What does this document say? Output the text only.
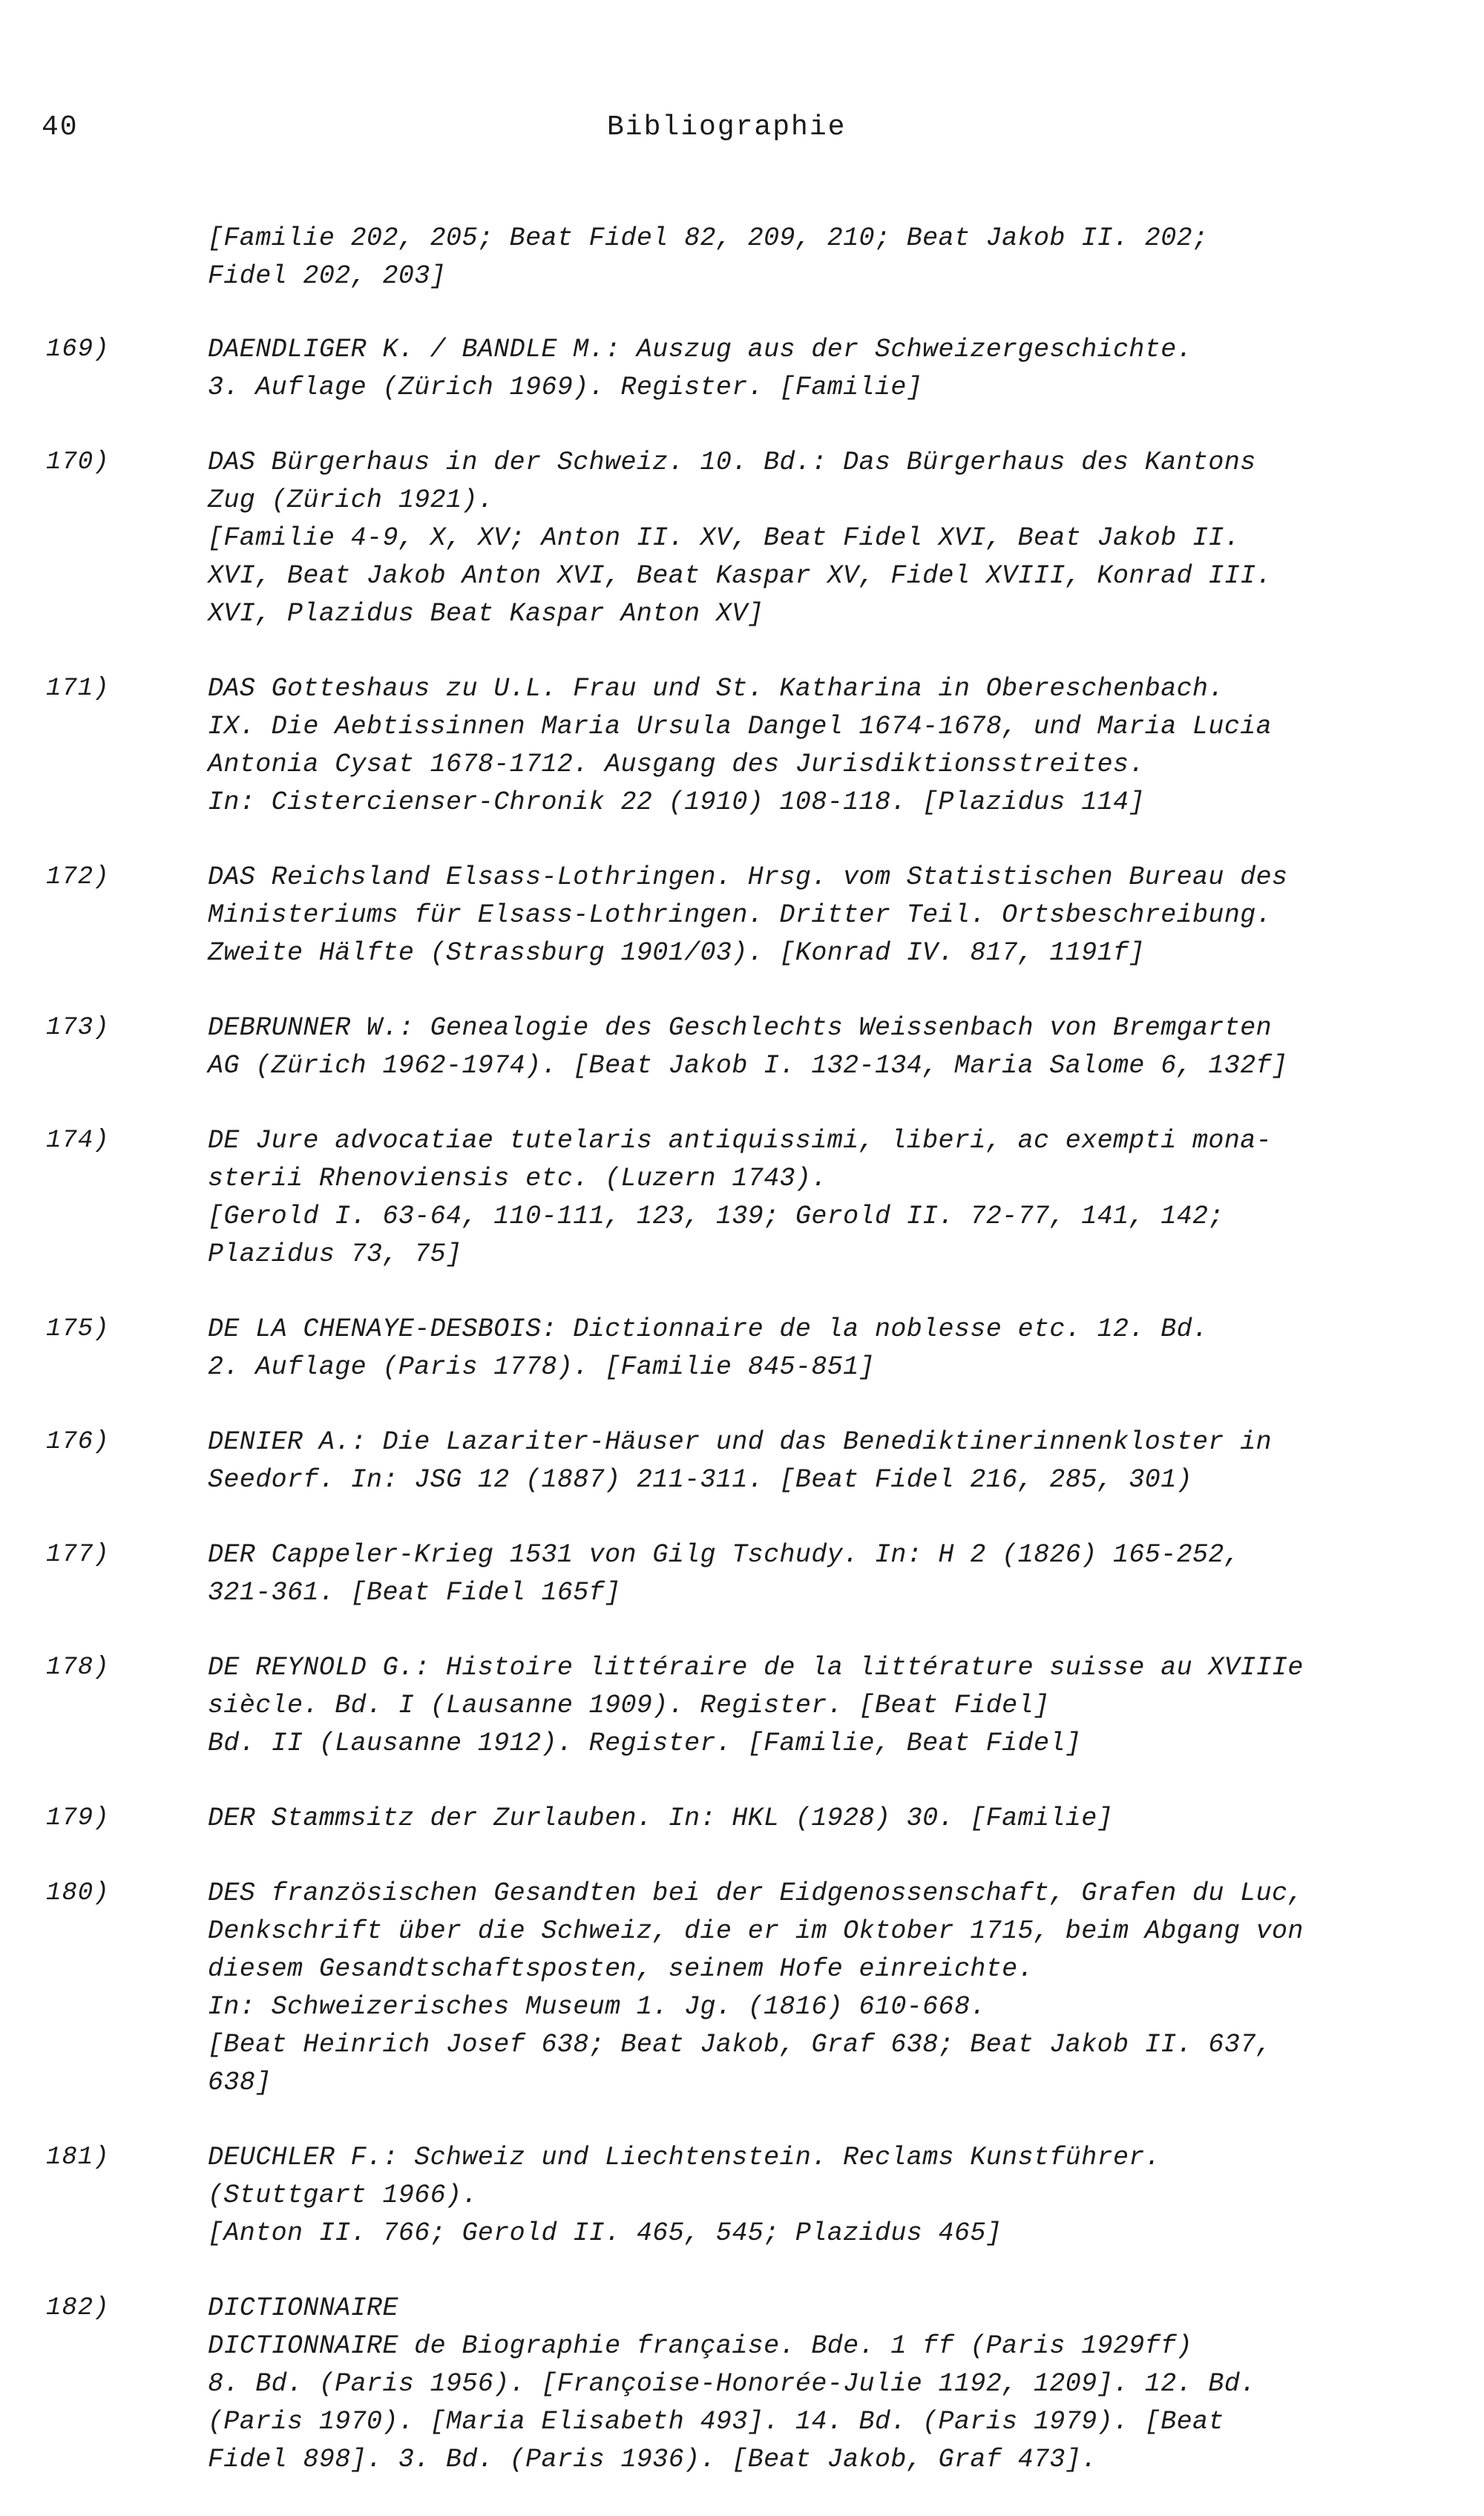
40	Bibliographie
[Familie 202, 205; Beat Fidel 82, 209, 210; Beat Jakob II. 202;
Fidel 202, 203]
169)	DAENDLIGER K. / BANDLE M.: Auszug aus der Schweizergeschichte.
3. Auflage (Zürich 1969). Register. [Familie]
170)	DAS Bürgerhaus in der Schweiz. 10. Bd.: Das Bürgerhaus des Kantons
Zug (Zürich 1921).
[Familie 4-9, X, XV; Anton II. XV, Beat Fidel XVI, Beat Jakob II.
XVI, Beat Jakob Anton XVI, Beat Kaspar XV, Fidel XVIII, Konrad III.
XVI, Plazidus Beat Kaspar Anton XV]
171)	DAS Gotteshaus zu U.L. Frau und St. Katharina in Obereschenbach.
IX. Die Aebtissinnen Maria Ursula Dangel 1674-1678, und Maria Lucia
Antonia Cysat 1678-1712. Ausgang des Jurisdiktionsstreites.
In: Cistercienser-Chronik 22 (1910) 108-118. [Plazidus 114]
172)	DAS Reichsland Elsass-Lothringen. Hrsg. vom Statistischen Bureau des
Ministeriums für Elsass-Lothringen. Dritter Teil. Ortsbeschreibung.
Zweite Hälfte (Strassburg 1901/03). [Konrad IV. 817, 1191f]
173)	DEBRUNNER W.: Genealogie des Geschlechts Weissenbach von Bremgarten
AG (Zürich 1962-1974). [Beat Jakob I. 132-134, Maria Salome 6, 132f]
174)	DE Jure advocatiae tutelaris antiquissimi, liberi, ac exempti mona-
sterii Rhenoviensis etc. (Luzern 1743).
[Gerold I. 63-64, 110-111, 123, 139; Gerold II. 72-77, 141, 142;
Plazidus 73, 75]
175)	DE LA CHENAYE-DESBOIS: Dictionnaire de la noblesse etc. 12. Bd.
2. Auflage (Paris 1778). [Familie 845-851]
176)	DENIER A.: Die Lazariter-Häuser und das Benediktinerinnenkloster in
Seedorf. In: JSG 12 (1887) 211-311. [Beat Fidel 216, 285, 301)
177)	DER Cappeler-Krieg 1531 von Gilg Tschudy. In: H 2 (1826) 165-252,
321-361. [Beat Fidel 165f]
178)	DE REYNOLD G.: Histoire littéraire de la littérature suisse au XVIIIe
siècle. Bd. I (Lausanne 1909). Register. [Beat Fidel]
Bd. II (Lausanne 1912). Register. [Familie, Beat Fidel]
179)	DER Stammsitz der Zurlauben. In: HKL (1928) 30. [Familie]
180)	DES französischen Gesandten bei der Eidgenossenschaft, Grafen du Luc,
Denkschrift über die Schweiz, die er im Oktober 1715, beim Abgang von
diesem Gesandtschaftsposten, seinem Hofe einreichte.
In: Schweizerisches Museum 1. Jg. (1816) 610-668.
[Beat Heinrich Josef 638; Beat Jakob, Graf 638; Beat Jakob II. 637,
638]
181)	DEUCHLER F.: Schweiz und Liechtenstein. Reclams Kunstführer.
(Stuttgart 1966).
[Anton II. 766; Gerold II. 465, 545; Plazidus 465]
182)	DICTIONNAIRE
DICTIONNAIRE de Biographie française. Bde. 1 ff (Paris 1929ff)
8. Bd. (Paris 1956). [Françoise-Honorée-Julie 1192, 1209]. 12. Bd.
(Paris 1970). [Maria Elisabeth 493]. 14. Bd. (Paris 1979). [Beat
Fidel 898]. 3. Bd. (Paris 1936). [Beat Jakob, Graf 473].
